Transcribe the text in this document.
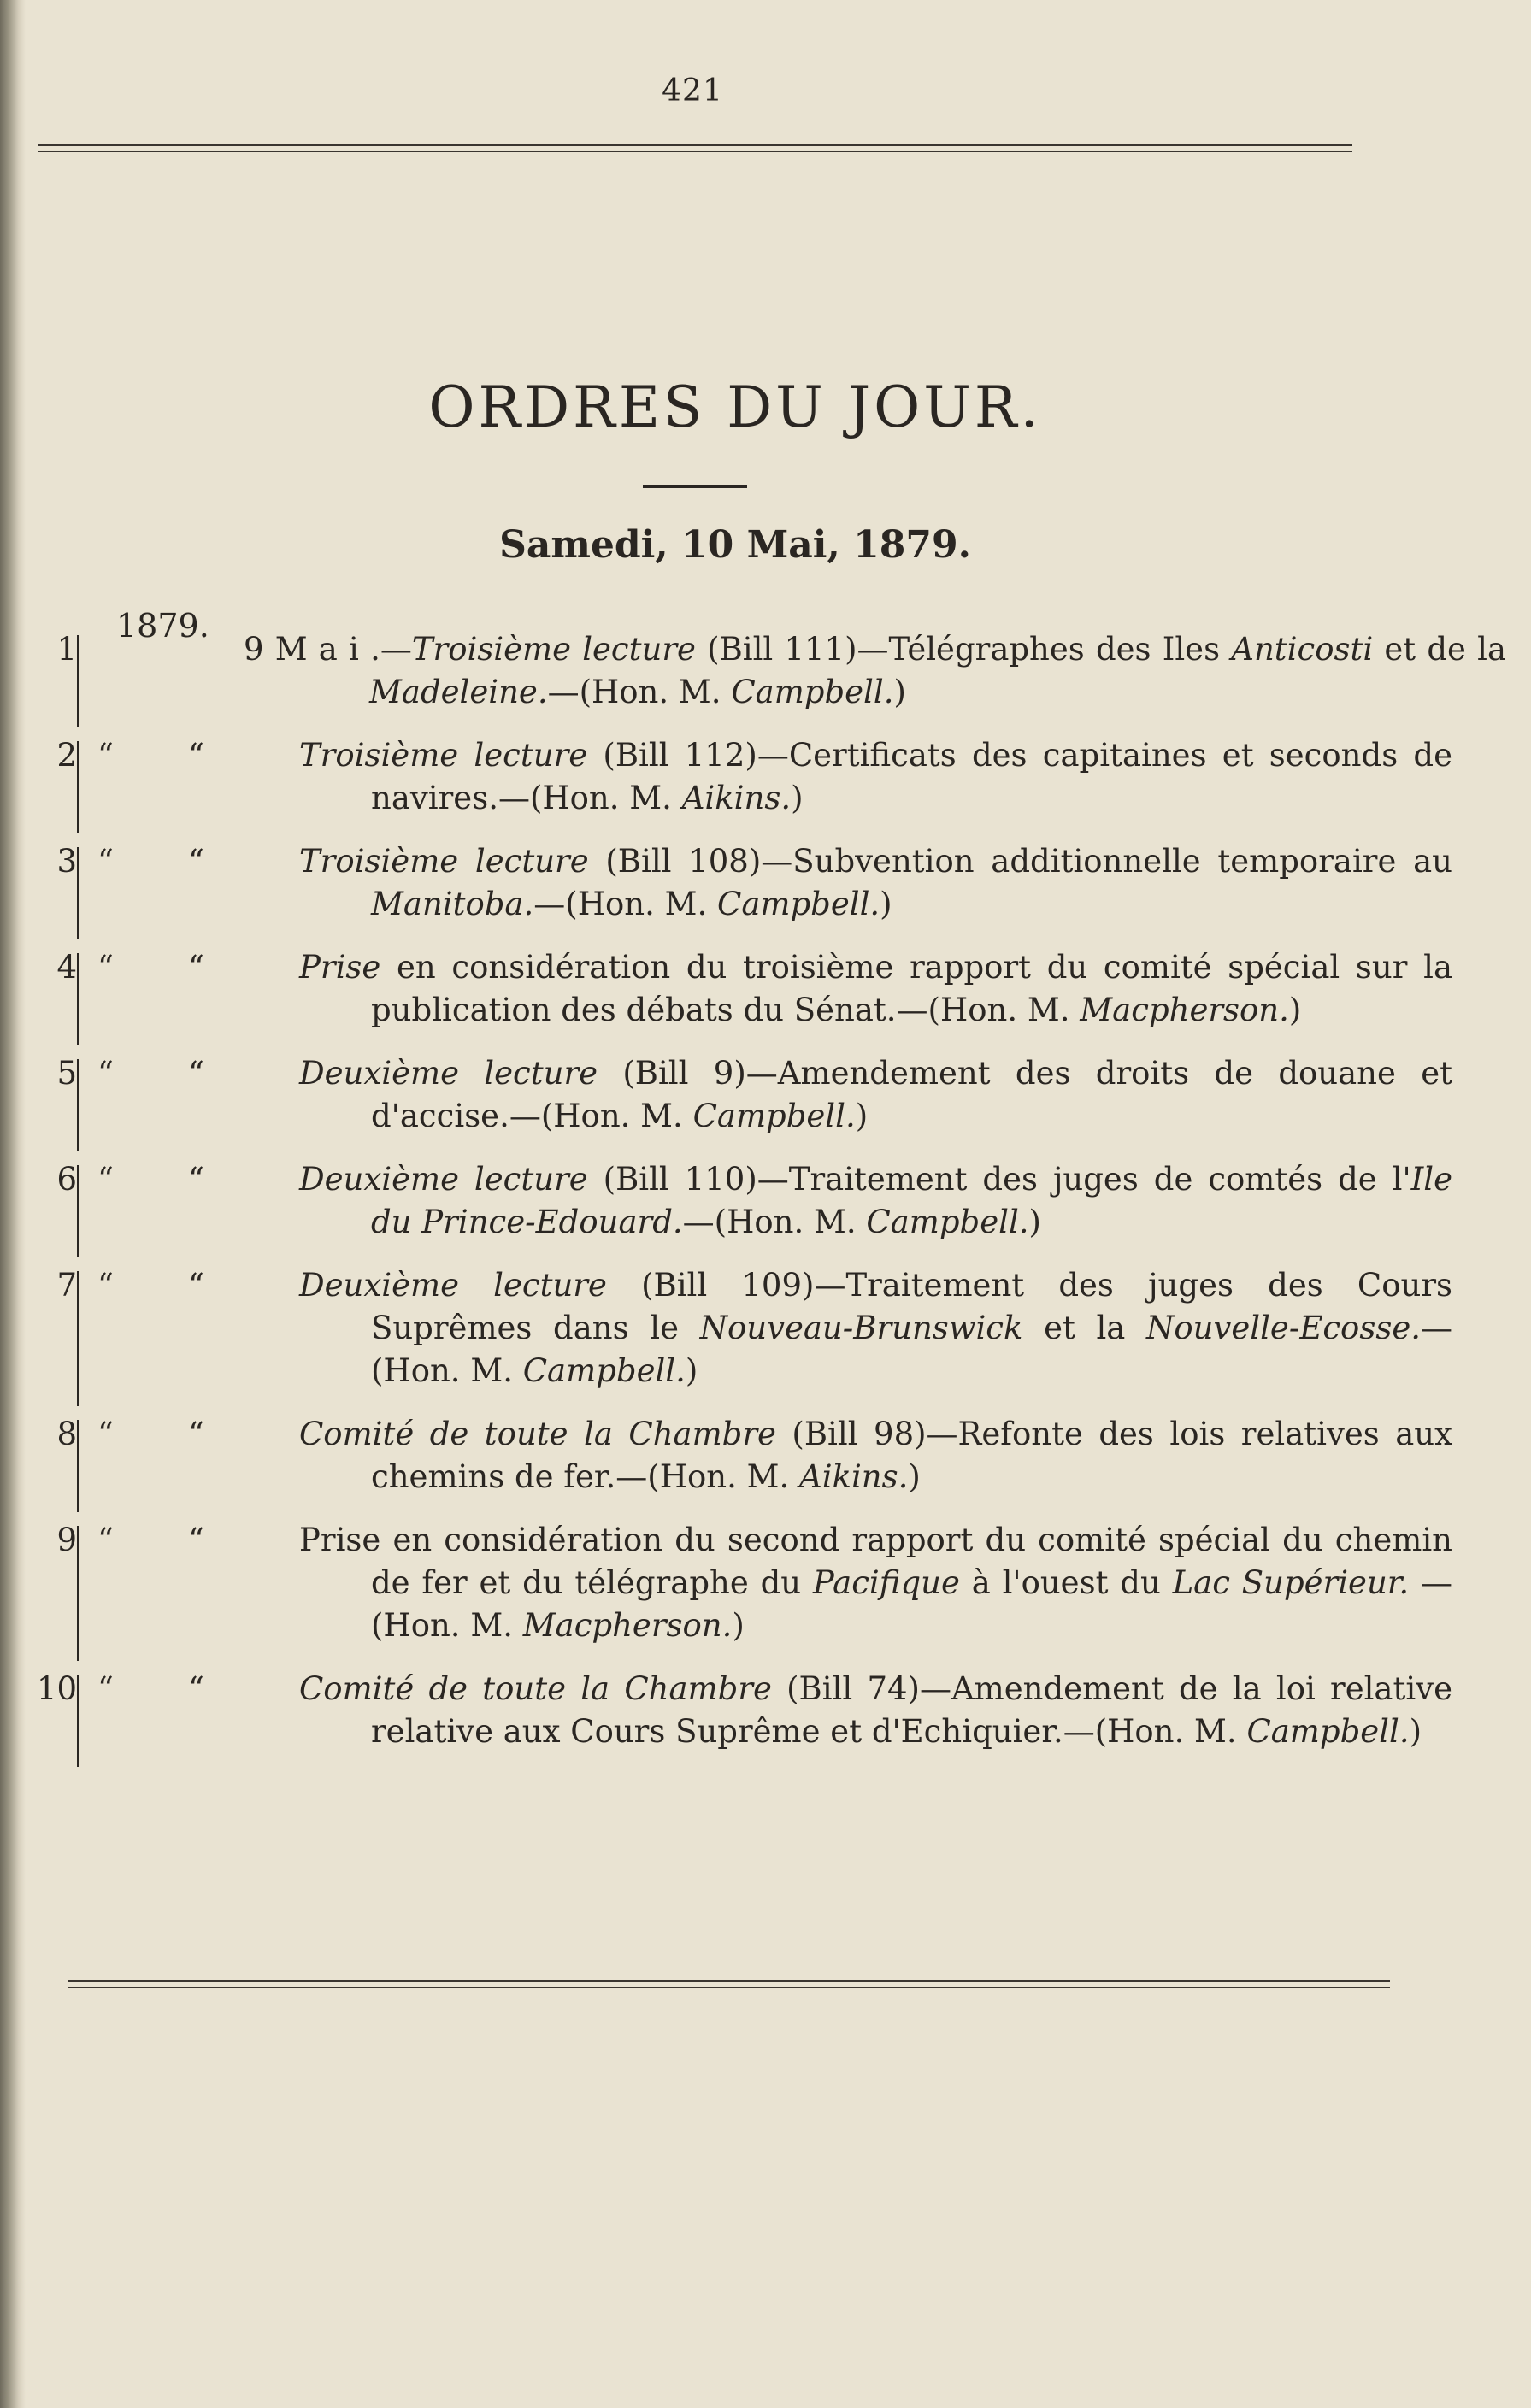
421
ORDRES DU JOUR.
Samedi, 10 Mai, 1879.
1879.
1	9 M a i .—Troisième lecture (Bill 111)—Télégraphes des Iles Anticosti et de la Madeleine.—(Hon. M. Campbell.)
2 “ “	Troisième lecture (Bill 112)—Certificats des capitaines et seconds de navires.—(Hon. M. Aikins.)
3 “ “	Troisième lecture (Bill 108)—Subvention additionnelle temporaire au Manitoba.—(Hon. M. Campbell.)
4 “ “	Prise en considération du troisième rapport du comité spécial sur la publication des débats du Sénat.—(Hon. M. Macpherson.)
5 “ “	Deuxième lecture (Bill 9)—Amendement des droits de douane et d'accise.—(Hon. M. Campbell.)
6 “ “	Deuxième lecture (Bill 110)—Traitement des juges de comtés de l'Ile du Prince-Edouard.—(Hon. M. Campbell.)
7 “ “	Deuxième lecture (Bill 109)—Traitement des juges des Cours Suprêmes dans le Nouveau-Brunswick et la Nouvelle-Ecosse.—(Hon. M. Campbell.)
8 “ “	Comité de toute la Chambre (Bill 98)—Refonte des lois relatives aux chemins de fer.—(Hon. M. Aikins.)
9 “ “	Prise en considération du second rapport du comité spécial du chemin de fer et du télégraphe du Pacifique à l'ouest du Lac Supérieur. —(Hon. M. Macpherson.)
10 “ “	Comité de toute la Chambre (Bill 74)—Amendement de la loi relative relative aux Cours Suprême et d'Echiquier.—(Hon. M. Campbell.)
